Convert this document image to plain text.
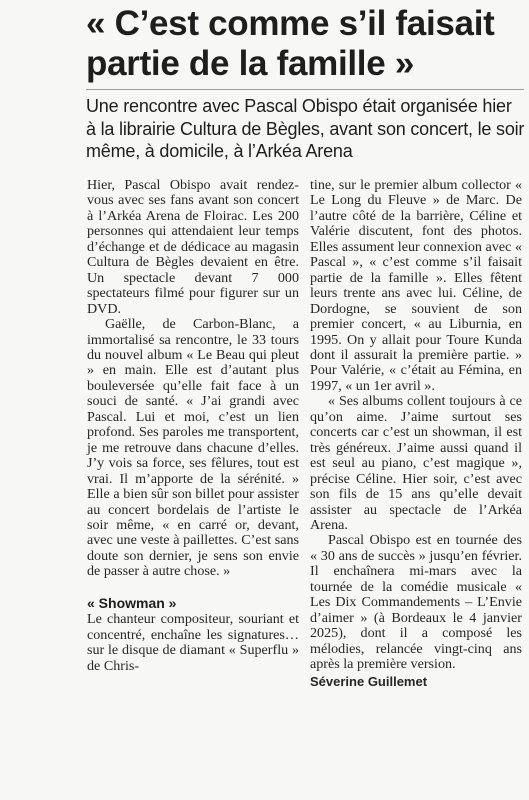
« C’est comme s’il faisait partie de la famille »

Une rencontre avec Pascal Obispo était organisée hier à la librairie Cultura de Bègles, avant son concert, le soir même, à domicile, à l’Arkéa Arena

Hier, Pascal Obispo avait rendez-vous avec ses fans avant son concert à l’Arkéa Arena de Floirac. Les 200 personnes qui attendaient leur temps d’échange et de dédicace au magasin Cultura de Bègles devaient en être. Un spectacle devant 7 000 spectateurs filmé pour figurer sur un DVD.

Gaëlle, de Carbon-Blanc, a immortalisé sa rencontre, le 33 tours du nouvel album « Le Beau qui pleut » en main. Elle est d’autant plus bouleversée qu’elle fait face à un souci de santé. « J’ai grandi avec Pascal. Lui et moi, c’est un lien profond. Ses paroles me transportent, je me retrouve dans chacune d’elles. J’y vois sa force, ses fêlures, tout est vrai. Il m’apporte de la sérénité. » Elle a bien sûr son billet pour assister au concert bordelais de l’artiste le soir même, « en carré or, devant, avec une veste à paillettes. C’est sans doute son dernier, je sens son envie de passer à autre chose. »

« Showman »

Le chanteur compositeur, souriant et concentré, enchaîne les signatures… sur le disque de diamant « Superflu » de Chris-

tine, sur le premier album collector « Le Long du Fleuve » de Marc. De l’autre côté de la barrière, Céline et Valérie discutent, font des photos. Elles assument leur connexion avec « Pascal », « c’est comme s’il faisait partie de la famille ». Elles fêtent leurs trente ans avec lui. Céline, de Dordogne, se souvient de son premier concert, « au Liburnia, en 1995. On y allait pour Toure Kunda dont il assurait la première partie. » Pour Valérie, « c’était au Fémina, en 1997, « un 1er avril ».

« Ses albums collent toujours à ce qu’on aime. J’aime surtout ses concerts car c’est un showman, il est très généreux. J’aime aussi quand il est seul au piano, c’est magique », précise Céline. Hier soir, c’est avec son fils de 15 ans qu’elle devait assister au spectacle de l’Arkéa Arena.

Pascal Obispo est en tournée des « 30 ans de succès » jusqu’en février. Il enchaînera mi-mars avec la tournée de la comédie musicale « Les Dix Commandements – L’Envie d’aimer » (à Bordeaux le 4 janvier 2025), dont il a composé les mélodies, relancée vingt-cinq ans après la première version.

Séverine Guillemet
